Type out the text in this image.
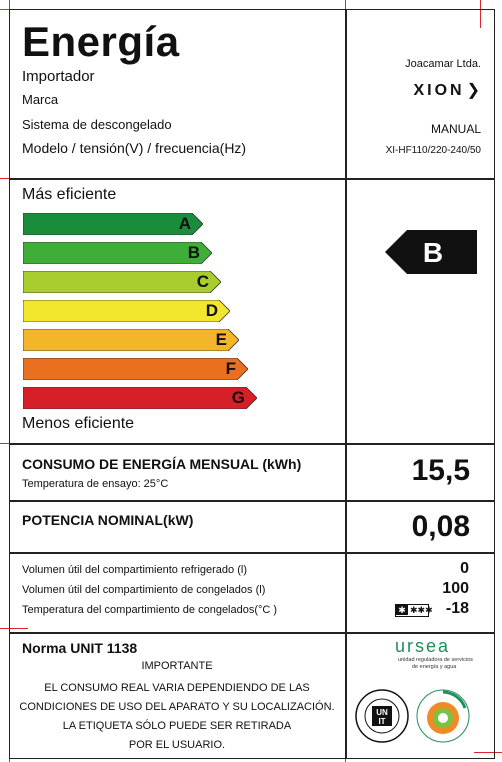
Energía
Importador
Marca
Sistema de descongelado
Modelo / tensión(V) / frecuencia(Hz)
Joacamar Ltda.
XION ❯
MANUAL
XI-HF110/220-240/50
Más eficiente
A
B
C
D
E
F
G
Menos eficiente
B
CONSUMO DE ENERGÍA MENSUAL (kWh)
Temperatura de ensayo: 25°C	15,5
POTENCIA NOMINAL(kW)	0,08
Volumen útil del compartimiento refrigerado (l)	0
Volumen útil del compartimiento de congelados (l)	100
Temperatura del compartimiento de congelados(°C )	✱ ✱✱✱ -18
Norma UNIT 1138
IMPORTANTE
EL CONSUMO REAL VARIA DEPENDIENDO DE LAS
CONDICIONES DE USO DEL APARATO Y SU LOCALIZACIÓN.
LA ETIQUETA SÓLO PUEDE SER RETIRADA
POR EL USUARIO.
ursea
unidad reguladora de servicios
de energía y agua
UN
IT
